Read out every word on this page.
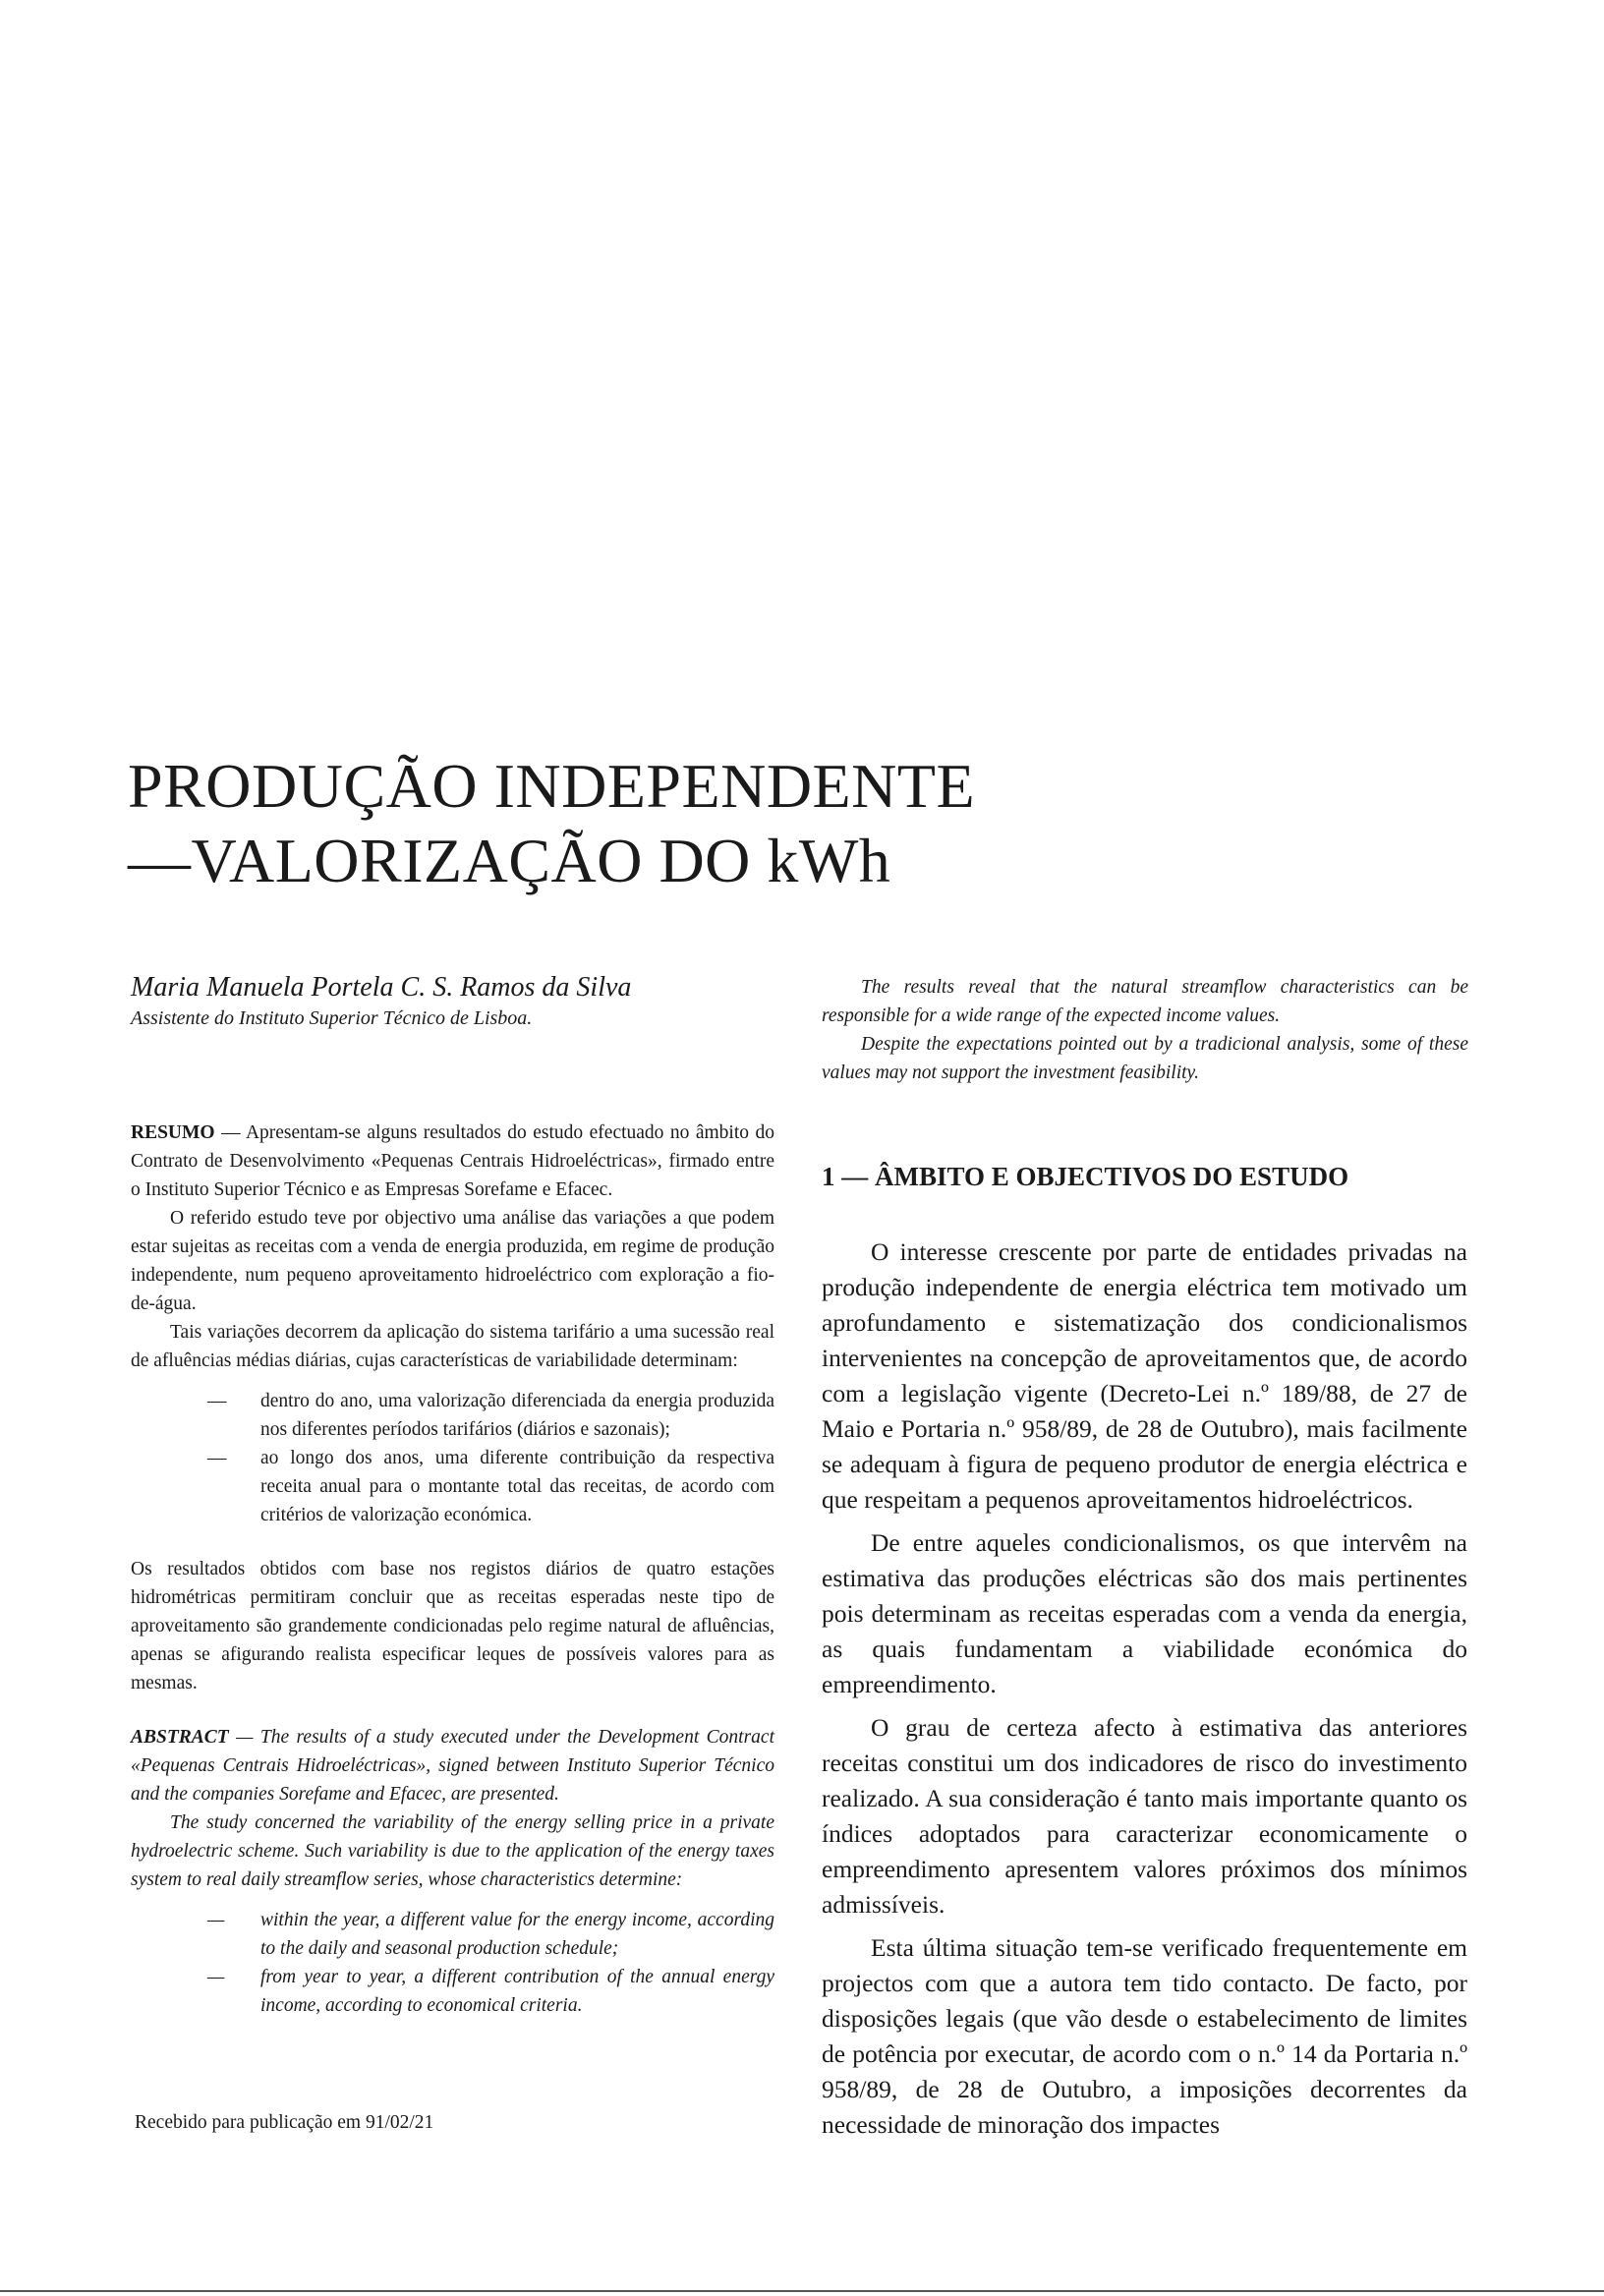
PRODUÇÃO INDEPENDENTE
—VALORIZAÇÃO DO kWh
Maria Manuela Portela C. S. Ramos da Silva
Assistente do Instituto Superior Técnico de Lisboa.

RESUMO — Apresentam-se alguns resultados do estudo efectuado no âmbito do Contrato de Desenvolvimento «Pequenas Centrais Hidroeléctricas», firmado entre o Instituto Superior Técnico e as Empresas Sorefame e Efacec.

O referido estudo teve por objectivo uma análise das variações a que podem estar sujeitas as receitas com a venda de energia produzida, em regime de produção independente, num pequeno aproveitamento hidroeléctrico com exploração a fio-de-água.

Tais variações decorrem da aplicação do sistema tarifário a uma sucessão real de afluências médias diárias, cujas características de variabilidade determinam:

— dentro do ano, uma valorização diferenciada da energia produzida nos diferentes períodos tarifários (diários e sazonais);
— ao longo dos anos, uma diferente contribuição da respectiva receita anual para o montante total das receitas, de acordo com critérios de valorização económica.

Os resultados obtidos com base nos registos diários de quatro estações hidrométricas permitiram concluir que as receitas esperadas neste tipo de aproveitamento são grandemente condicionadas pelo regime natural de afluências, apenas se afigurando realista especificar leques de possíveis valores para as mesmas.

ABSTRACT — The results of a study executed under the Development Contract «Pequenas Centrais Hidroeléctricas», signed between Instituto Superior Técnico and the companies Sorefame and Efacec, are presented.

The study concerned the variability of the energy selling price in a private hydroelectric scheme. Such variability is due to the application of the energy taxes system to real daily streamflow series, whose characteristics determine:

— within the year, a different value for the energy income, according to the daily and seasonal production schedule;
— from year to year, a different contribution of the annual energy income, according to economical criteria.
Recebido para publicação em 91/02/21

The results reveal that the natural streamflow characteristics can be responsible for a wide range of the expected income values.

Despite the expectations pointed out by a tradicional analysis, some of these values may not support the investment feasibility.

1 — ÂMBITO E OBJECTIVOS DO ESTUDO

O interesse crescente por parte de entidades privadas na produção independente de energia eléctrica tem motivado um aprofundamento e sistematização dos condicionalismos intervenientes na concepção de aproveitamentos que, de acordo com a legislação vigente (Decreto-Lei n.º 189/88, de 27 de Maio e Portaria n.º 958/89, de 28 de Outubro), mais facilmente se adequam à figura de pequeno produtor de energia eléctrica e que respeitam a pequenos aproveitamentos hidroeléctricos.

De entre aqueles condicionalismos, os que intervêm na estimativa das produções eléctricas são dos mais pertinentes pois determinam as receitas esperadas com a venda da energia, as quais fundamentam a viabilidade económica do empreendimento.

O grau de certeza afecto à estimativa das anteriores receitas constitui um dos indicadores de risco do investimento realizado. A sua consideração é tanto mais importante quanto os índices adoptados para caracterizar economicamente o empreendimento apresentem valores próximos dos mínimos admissíveis.

Esta última situação tem-se verificado frequentemente em projectos com que a autora tem tido contacto. De facto, por disposições legais (que vão desde o estabelecimento de limites de potência por executar, de acordo com o n.º 14 da Portaria n.º 958/89, de 28 de Outubro, a imposições decorrentes da necessidade de minoração dos impactes
